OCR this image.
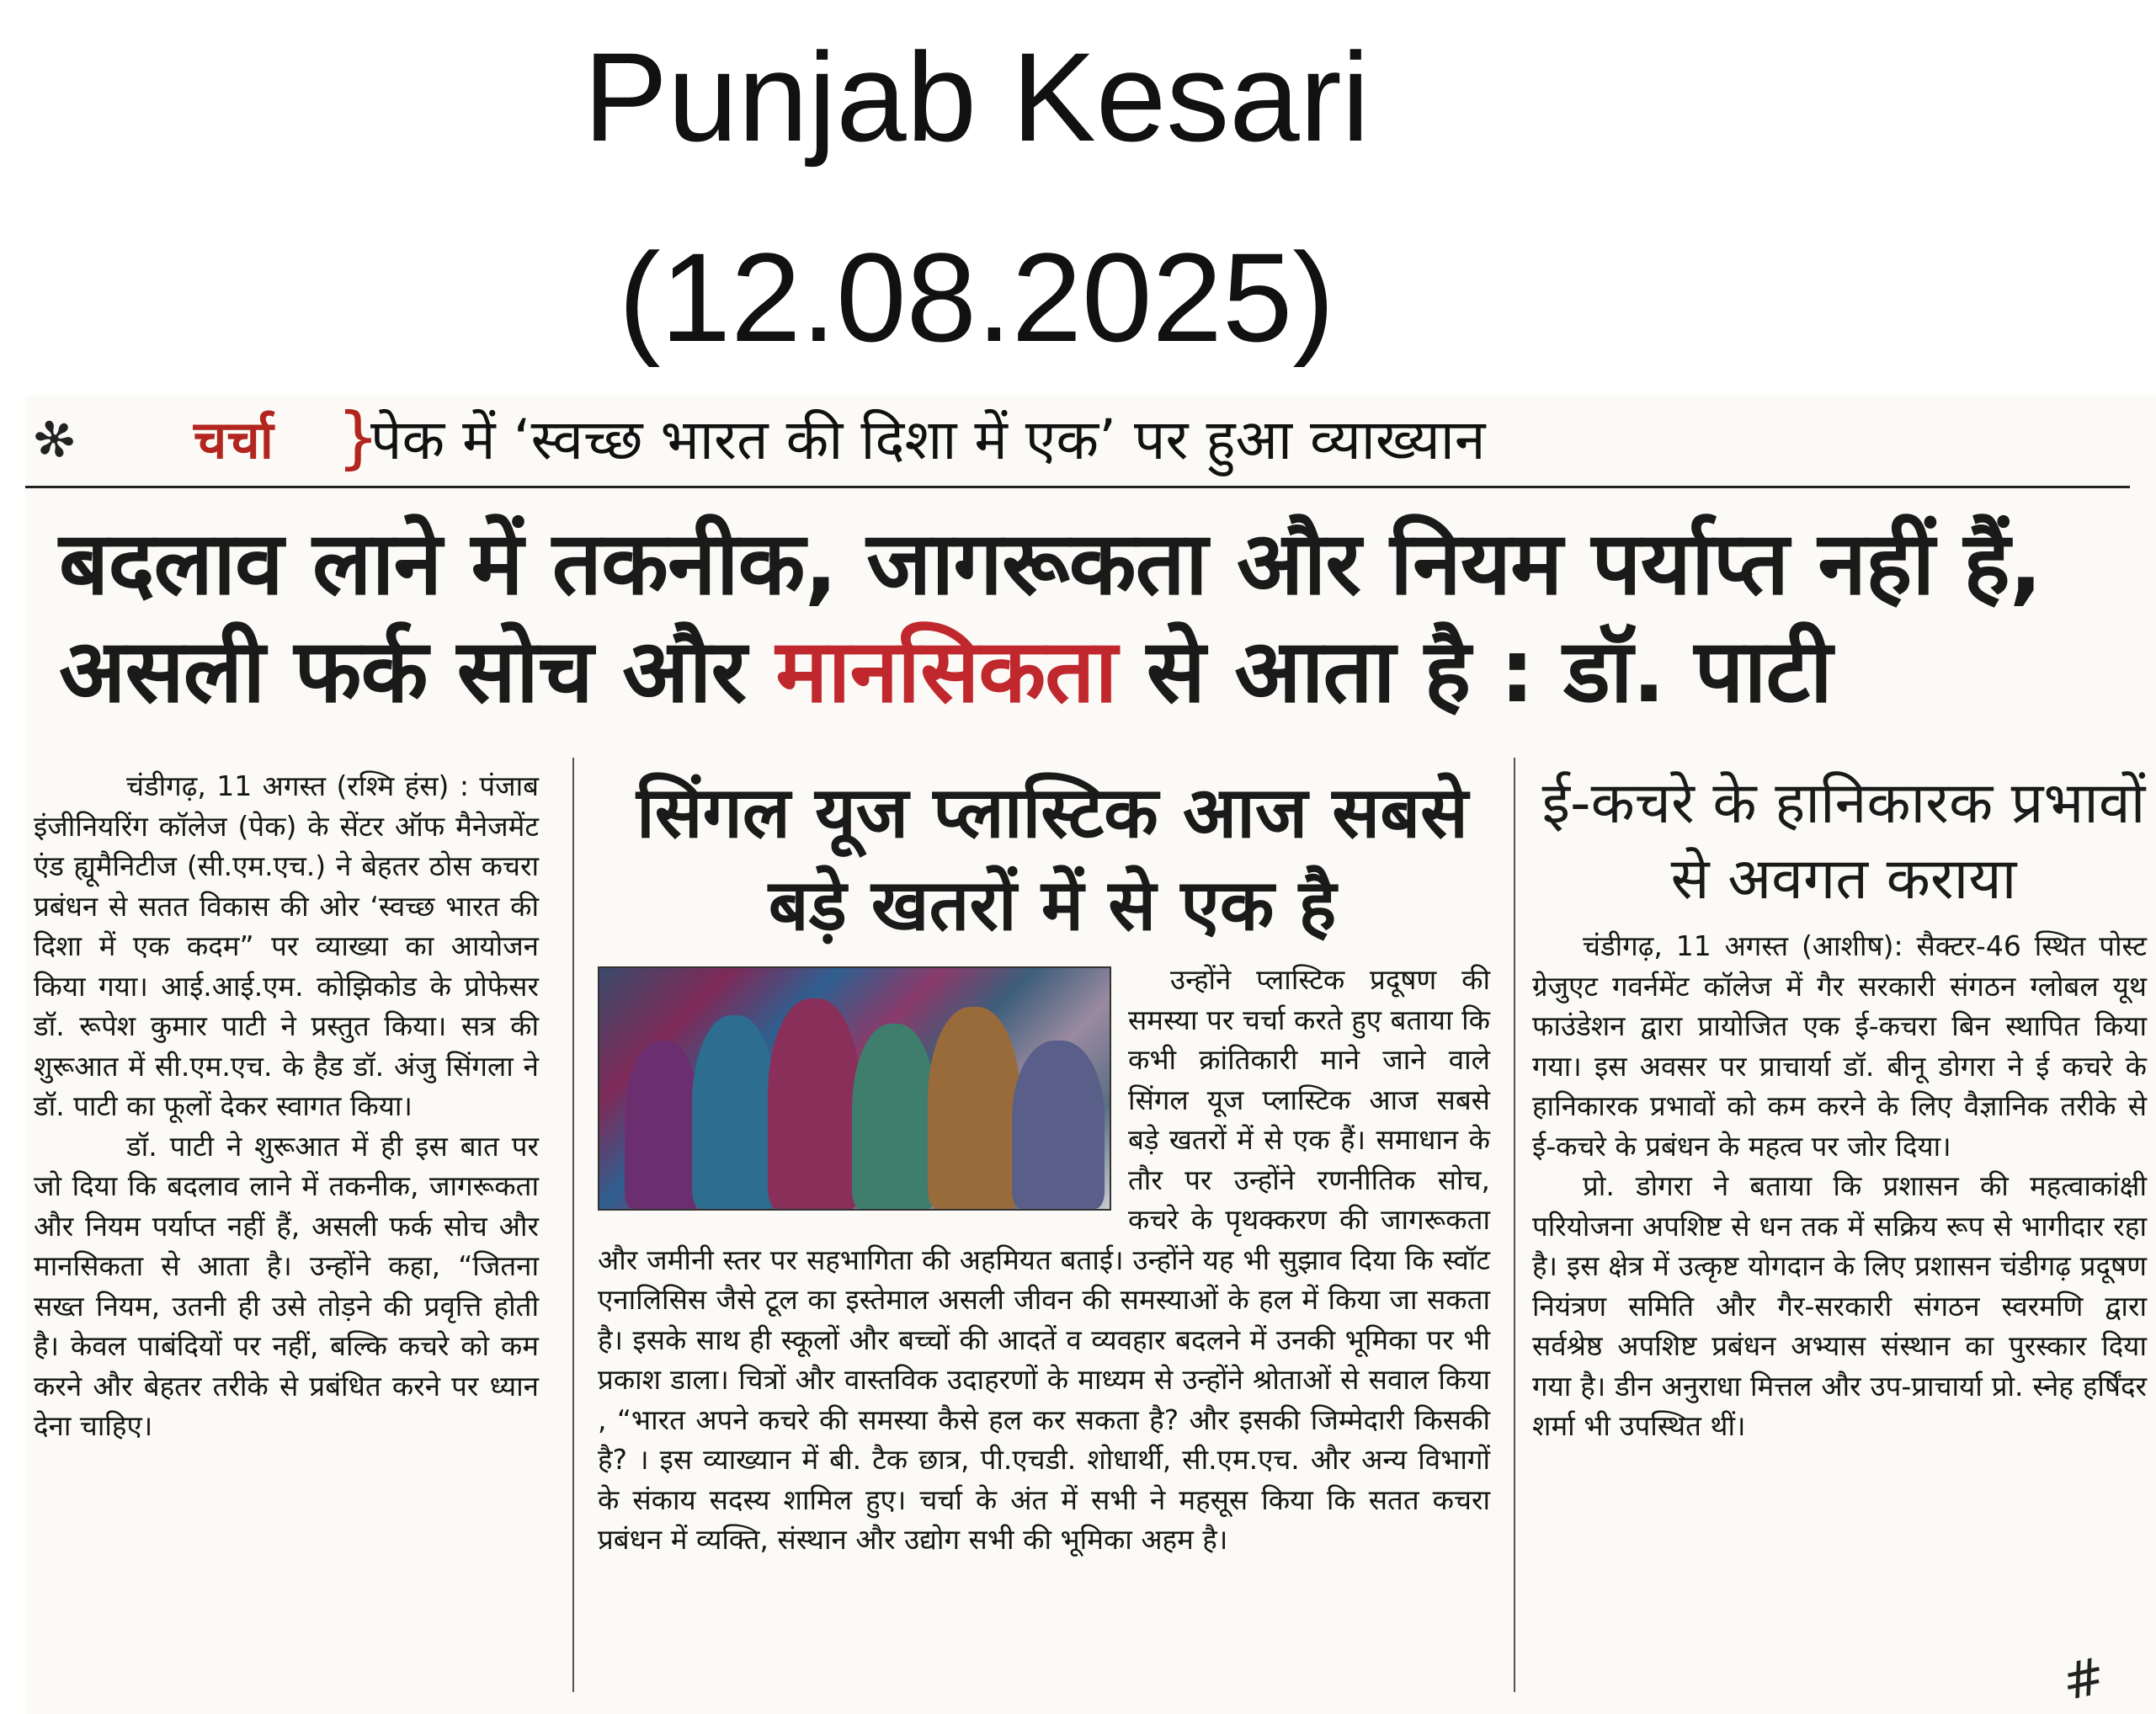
Punjab Kesari
(12.08.2025)
✻ चर्चा }
पेक में ‘स्वच्छ भारत की दिशा में एक’ पर हुआ व्याख्यान
बदलाव लाने में तकनीक, जागरूकता और नियम पर्याप्त नहीं हैं, असली फर्क सोच और मानसिकता से आता है : डॉ. पाटी

चंडीगढ़, 11 अगस्त (रश्मि हंस) : पंजाब इंजीनियरिंग कॉलेज (पेक) के सेंटर ऑफ मैनेजमेंट एंड ह्यूमैनिटीज (सी.एम.एच.) ने बेहतर ठोस कचरा प्रबंधन से सतत विकास की ओर ‘स्वच्छ भारत की दिशा में एक कदम” पर व्याख्या का आयोजन किया गया। आई.आई.एम. कोझिकोड के प्रोफेसर डॉ. रूपेश कुमार पाटी ने प्रस्तुत किया। सत्र की शुरूआत में सी.एम.एच. के हैड डॉ. अंजु सिंगला ने डॉ. पाटी का फूलों देकर स्वागत किया।

डॉ. पाटी ने शुरूआत में ही इस बात पर जो दिया कि बदलाव लाने में तकनीक, जागरूकता और नियम पर्याप्त नहीं हैं, असली फर्क सोच और मानसिकता से आता है। उन्होंने कहा, “जितना सख्त नियम, उतनी ही उसे तोड़ने की प्रवृत्ति होती है। केवल पाबंदियों पर नहीं, बल्कि कचरे को कम करने और बेहतर तरीके से प्रबंधित करने पर ध्यान देना चाहिए।

सिंगल यूज प्लास्टिक आज सबसे बड़े खतरों में से एक है

उन्होंने प्लास्टिक प्रदूषण की समस्या पर चर्चा करते हुए बताया कि कभी क्रांतिकारी माने जाने वाले सिंगल यूज प्लास्टिक आज सबसे बड़े खतरों में से एक हैं। समाधान के तौर पर उन्होंने रणनीतिक सोच, कचरे के पृथक्करण की जागरूकता और जमीनी स्तर पर सहभागिता की अहमियत बताई। उन्होंने यह भी सुझाव दिया कि स्वॉट एनालिसिस जैसे टूल का इस्तेमाल असली जीवन की समस्याओं के हल में किया जा सकता है। इसके साथ ही स्कूलों और बच्चों की आदतें व व्यवहार बदलने में उनकी भूमिका पर भी प्रकाश डाला। चित्रों और वास्तविक उदाहरणों के माध्यम से उन्होंने श्रोताओं से सवाल किया , “भारत अपने कचरे की समस्या कैसे हल कर सकता है? और इसकी जिम्मेदारी किसकी है? । इस व्याख्यान में बी. टैक छात्र, पी.एचडी. शोधार्थी, सी.एम.एच. और अन्य विभागों के संकाय सदस्य शामिल हुए। चर्चा के अंत में सभी ने महसूस किया कि सतत कचरा प्रबंधन में व्यक्ति, संस्थान और उद्योग सभी की भूमिका अहम है।

ई-कचरे के हानिकारक प्रभावों से अवगत कराया

चंडीगढ़, 11 अगस्त (आशीष): सैक्टर-46 स्थित पोस्ट ग्रेजुएट गवर्नमेंट कॉलेज में गैर सरकारी संगठन ग्लोबल यूथ फाउंडेशन द्वारा प्रायोजित एक ई-कचरा बिन स्थापित किया गया। इस अवसर पर प्राचार्या डॉ. बीनू डोगरा ने ई कचरे के हानिकारक प्रभावों को कम करने के लिए वैज्ञानिक तरीके से ई-कचरे के प्रबंधन के महत्व पर जोर दिया।

प्रो. डोगरा ने बताया कि प्रशासन की महत्वाकांक्षी परियोजना अपशिष्ट से धन तक में सक्रिय रूप से भागीदार रहा है। इस क्षेत्र में उत्कृष्ट योगदान के लिए प्रशासन चंडीगढ़ प्रदूषण नियंत्रण समिति और गैर-सरकारी संगठन स्वरमणि द्वारा सर्वश्रेष्ठ अपशिष्ट प्रबंधन अभ्यास संस्थान का पुरस्कार दिया गया है। डीन अनुराधा मित्तल और उप-प्राचार्या प्रो. स्नेह हर्षिंदर शर्मा भी उपस्थित थीं।

#
